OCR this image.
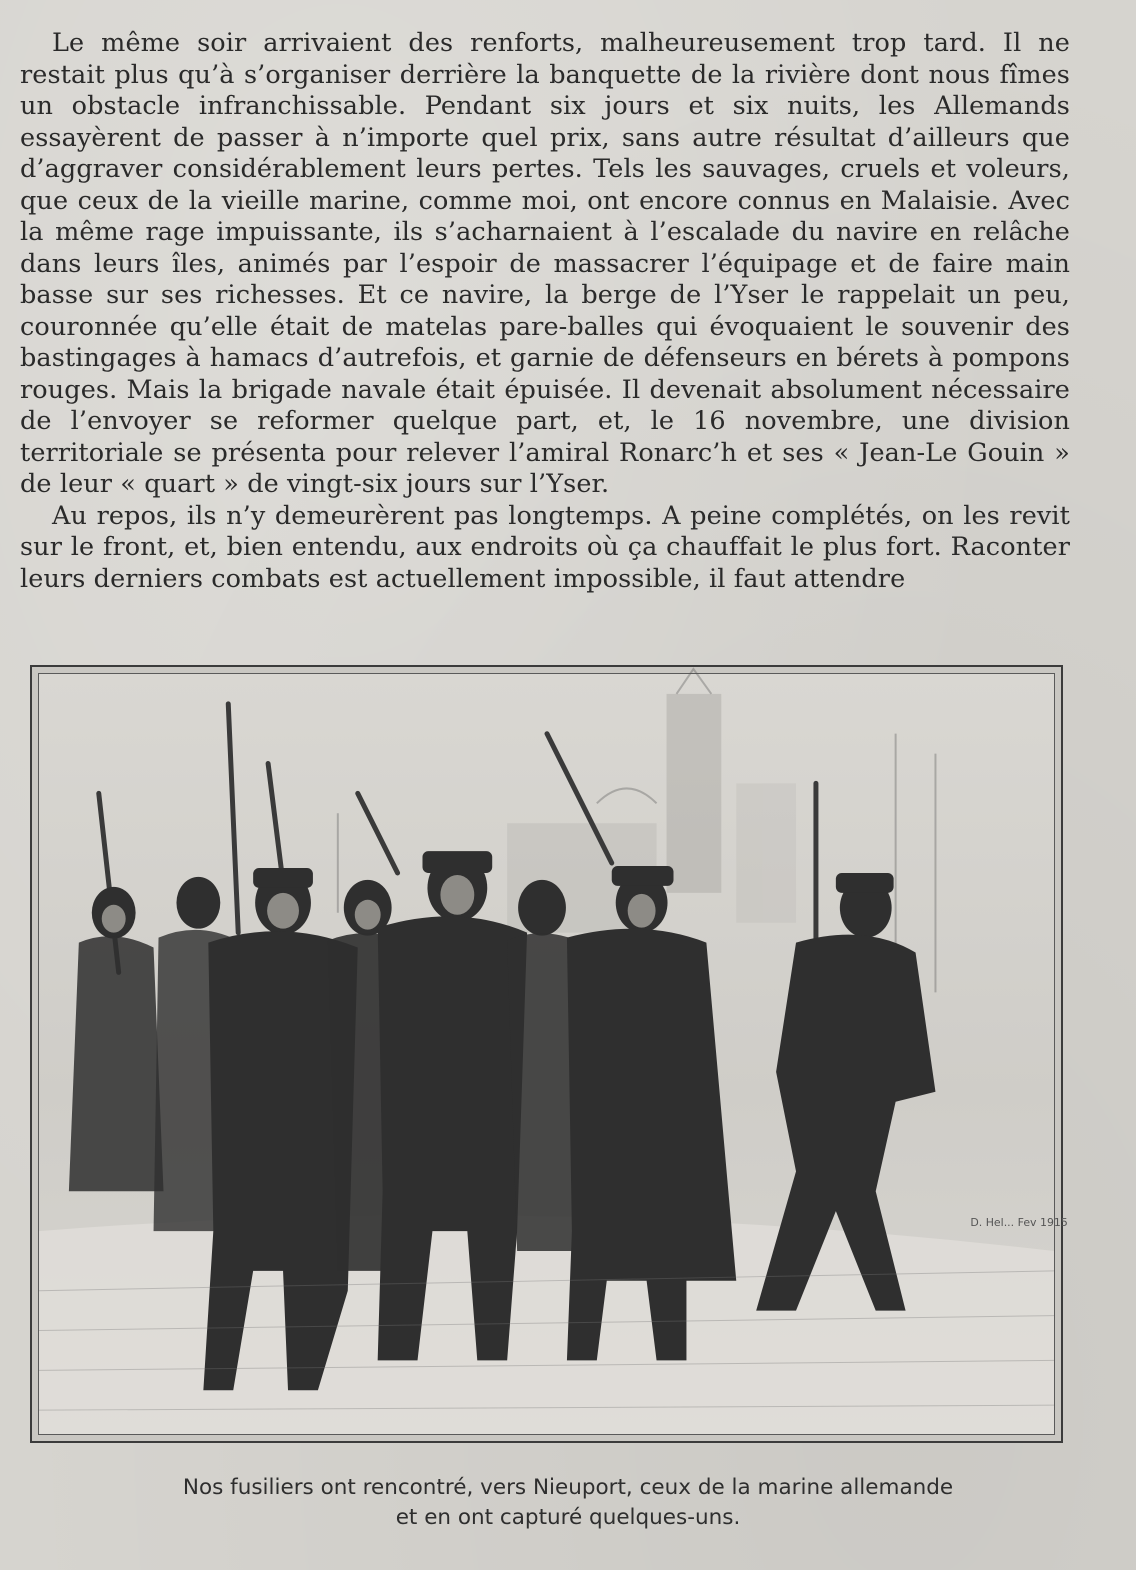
Le même soir arrivaient des renforts, malheureusement trop tard. Il ne restait plus qu’à s’organiser derrière la banquette de la rivière dont nous fîmes un obstacle infranchissable. Pendant six jours et six nuits, les Allemands essayèrent de passer à n’importe quel prix, sans autre résultat d’ailleurs que d’aggraver considérablement leurs pertes. Tels les sauvages, cruels et voleurs, que ceux de la vieille marine, comme moi, ont encore connus en Malaisie. Avec la même rage impuissante, ils s’acharnaient à l’escalade du navire en relâche dans leurs îles, animés par l’espoir de massacrer l’équipage et de faire main basse sur ses richesses. Et ce navire, la berge de l’Yser le rappelait un peu, couronnée qu’elle était de matelas pare-balles qui évoquaient le souvenir des bastingages à hamacs d’autrefois, et garnie de défenseurs en bérets à pompons rouges. Mais la brigade navale était épuisée. Il devenait absolument nécessaire de l’envoyer se reformer quelque part, et, le 16 novembre, une division territoriale se présenta pour relever l’amiral Ronarc’h et ses « Jean-Le Gouin » de leur « quart » de vingt-six jours sur l’Yser.

Au repos, ils n’y demeurèrent pas longtemps. A peine complétés, on les revit sur le front, et, bien entendu, aux endroits où ça chauffait le plus fort. Raconter leurs derniers combats est actuellement impossible, il faut attendre

D. Hel... Fev 1915
Nos fusiliers ont rencontré, vers Nieuport, ceux de la marine allemande
et en ont capturé quelques-uns.
